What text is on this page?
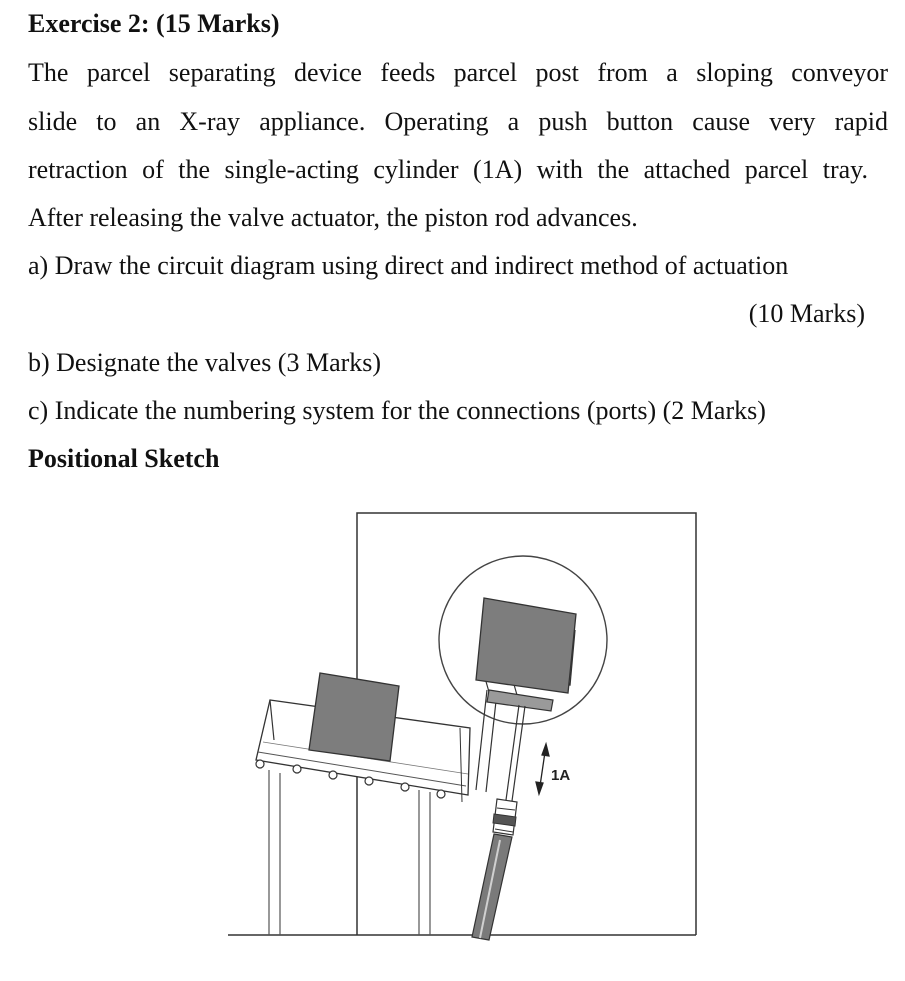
Exercise 2: (15 Marks)

The parcel separating device feeds parcel post from a sloping conveyor

slide to an X-ray appliance. Operating a push button cause very rapid

retraction of the single-acting cylinder (1A) with the attached parcel tray.

After releasing the valve actuator, the piston rod advances.

a) Draw the circuit diagram using direct and indirect method of actuation

(10 Marks)

b) Designate the valves (3 Marks)

c) Indicate the numbering system for the connections (ports) (2 Marks)

Positional Sketch
1A
